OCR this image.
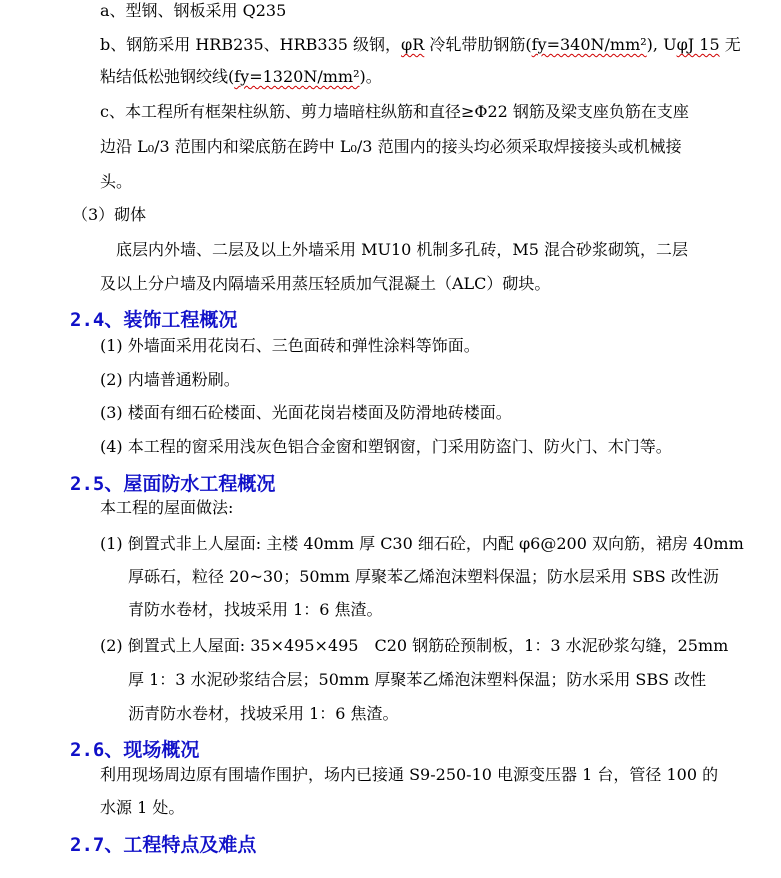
a、型钢、钢板采用 Q235

b、钢筋采用 HRB235、HRB335 级钢，φR 冷轧带肋钢筋(fy=340N/mm²), UφJ 15 无

粘结低松弛钢绞线(fy=1320N/mm²)。

c、本工程所有框架柱纵筋、剪力墙暗柱纵筋和直径≥Φ22 钢筋及梁支座负筋在支座

边沿 L₀/3 范围内和梁底筋在跨中 L₀/3 范围内的接头均必须采取焊接接头或机械接

头。

（3）砌体

底层内外墙、二层及以上外墙采用 MU10 机制多孔砖，M5 混合砂浆砌筑，二层

及以上分户墙及内隔墙采用蒸压轻质加气混凝土（ALC）砌块。

2.4、装饰工程概况

(1) 外墙面采用花岗石、三色面砖和弹性涂料等饰面。

(2) 内墙普通粉刷。

(3) 楼面有细石砼楼面、光面花岗岩楼面及防滑地砖楼面。

(4) 本工程的窗采用浅灰色铝合金窗和塑钢窗，门采用防盗门、防火门、木门等。

2.5、屋面防水工程概况

本工程的屋面做法:

(1) 倒置式非上人屋面: 主楼 40mm 厚 C30 细石砼，内配 φ6@200 双向筋，裙房 40mm

厚砾石，粒径 20~30；50mm 厚聚苯乙烯泡沫塑料保温；防水层采用 SBS 改性沥

青防水卷材，找坡采用 1：6 焦渣。

(2) 倒置式上人屋面: 35×495×495　C20 钢筋砼预制板，1：3 水泥砂浆勾缝，25mm

厚 1：3 水泥砂浆结合层；50mm 厚聚苯乙烯泡沫塑料保温；防水采用 SBS 改性

沥青防水卷材，找坡采用 1：6 焦渣。

2.6、现场概况

利用现场周边原有围墙作围护，场内已接通 S9-250-10 电源变压器 1 台，管径 100 的

水源 1 处。

2.7、工程特点及难点
